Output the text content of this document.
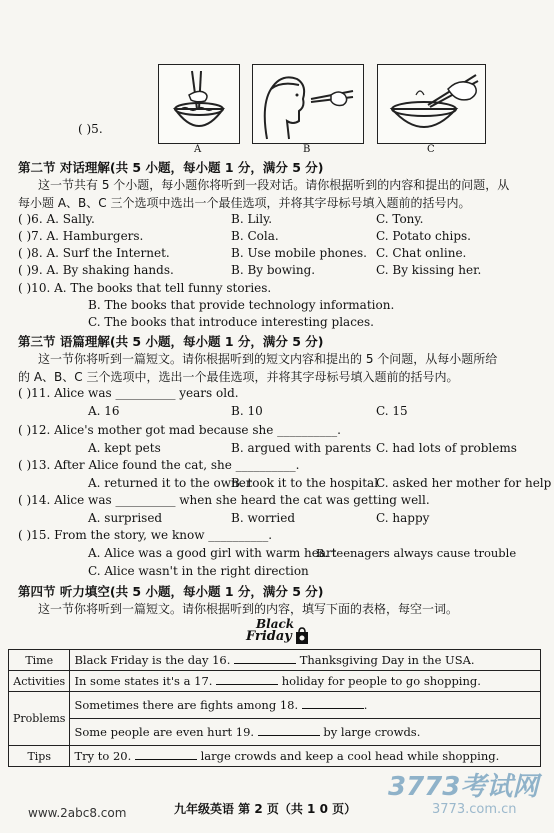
( )5.
A	B	C
第二节 对话理解(共 5 小题，每小题 1 分，满分 5 分)
这一节共有 5 个小题，每小题你将听到一段对话。请你根据听到的内容和提出的问题，从
每小题 A、B、C 三个选项中选出一个最佳选项，并将其字母标号填入题前的括号内。
( )6. A. Sally.	B. Lily.	C. Tony.
( )7. A. Hamburgers.	B. Cola.	C. Potato chips.
( )8. A. Surf the Internet.	B. Use mobile phones. C. Chat online.
( )9. A. By shaking hands.	B. By bowing.	C. By kissing her.
( )10. A. The books that tell funny stories.
B. The books that provide technology information.
C. The books that introduce interesting places.
第三节 语篇理解(共 5 小题，每小题 1 分，满分 5 分)
这一节你将听到一篇短文。请你根据听到的短文内容和提出的 5 个问题，从每小题所给
的 A、B、C 三个选项中，选出一个最佳选项，并将其字母标号填入题前的括号内。
( )11. Alice was __________ years old.
A. 16	B. 10	C. 15
( )12. Alice's mother got mad because she __________.
A. kept pets	B. argued with parents C. had lots of problems
( )13. After Alice found the cat, she __________.
A. returned it to the owner
B. took it to the hospital
C. asked her mother for help
( )14. Alice was __________ when she heard the cat was getting well.
A. surprised	B. worried	C. happy
( )15. From the story, we know __________.
A. Alice was a good girl with warm heart
B. teenagers always cause trouble
C. Alice wasn't in the right direction
第四节 听力填空(共 5 小题，每小题 1 分，满分 5 分)
这一节你将听到一篇短文。请你根据听到的内容，填写下面的表格，每空一词。
Black
Friday
Time	Black Friday is the day 16. Thanksgiving Day in the USA.
Activities	In some states it's a 17. holiday for people to go shopping.
Problems	Sometimes there are fights among 18. .
	Some people are even hurt 19. by large crowds.
Tips	Try to 20. large crowds and keep a cool head while shopping.
www.2abc8.com	九年级英语 第 2 页（共 1 0 页）
3773考试网
3773.com.cn
